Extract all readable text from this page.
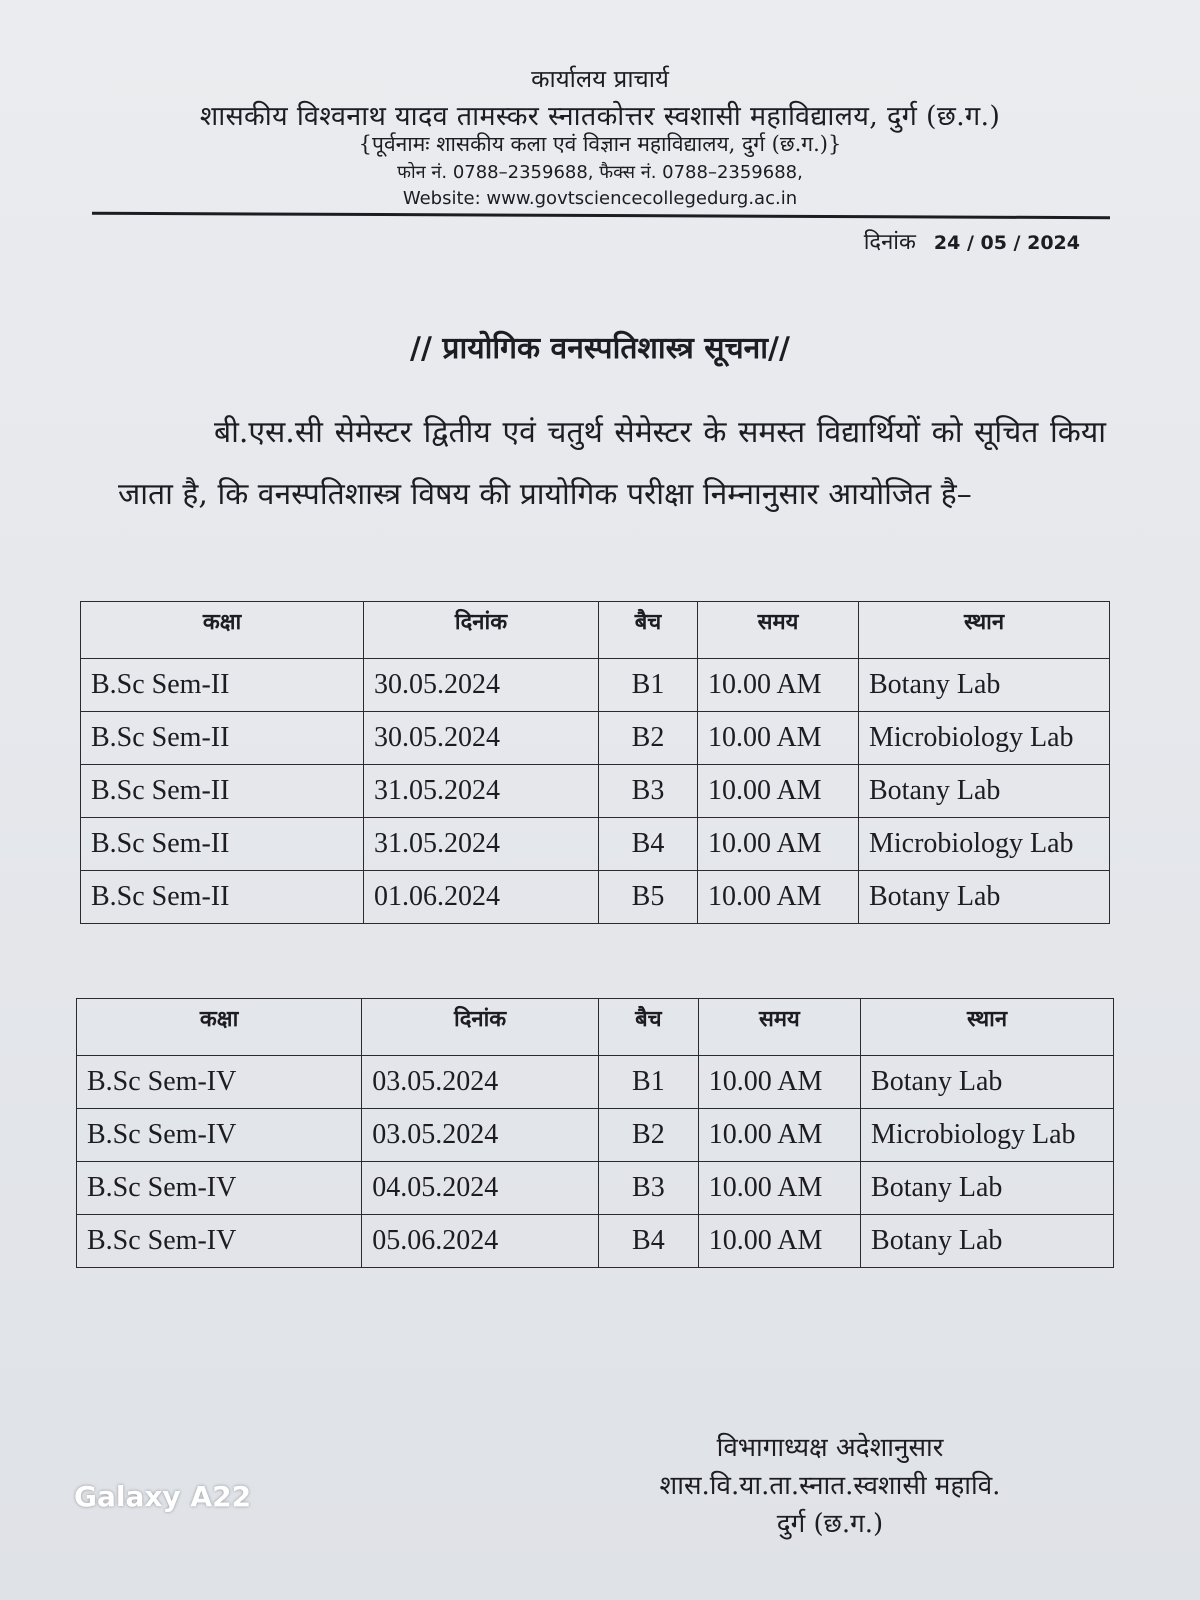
कार्यालय प्राचार्य
शासकीय विश्वनाथ यादव तामस्कर स्नातकोत्तर स्वशासी महाविद्यालय, दुर्ग (छ.ग.)
{पूर्वनामः शासकीय कला एवं विज्ञान महाविद्यालय, दुर्ग (छ.ग.)}
फोन नं. 0788–2359688, फैक्स नं. 0788–2359688,
Website: www.govtsciencecollegedurg.ac.in
दिनांक 24 / 05 / 2024
// प्रायोगिक वनस्पतिशास्त्र सूचना//
बी.एस.सी सेमेस्टर द्वितीय एवं चतुर्थ सेमेस्टर के समस्त विद्यार्थियों को सूचित किया जाता है, कि वनस्पतिशास्त्र विषय की प्रायोगिक परीक्षा निम्नानुसार आयोजित है–
कक्षा	दिनांक	बैच	समय	स्थान
B.Sc Sem-II	30.05.2024	B1	10.00 AM	Botany Lab
B.Sc Sem-II	30.05.2024	B2	10.00 AM	Microbiology Lab
B.Sc Sem-II	31.05.2024	B3	10.00 AM	Botany Lab
B.Sc Sem-II	31.05.2024	B4	10.00 AM	Microbiology Lab
B.Sc Sem-II	01.06.2024	B5	10.00 AM	Botany Lab
कक्षा	दिनांक	बैच	समय	स्थान
B.Sc Sem-IV	03.05.2024	B1	10.00 AM	Botany Lab
B.Sc Sem-IV	03.05.2024	B2	10.00 AM	Microbiology Lab
B.Sc Sem-IV	04.05.2024	B3	10.00 AM	Botany Lab
B.Sc Sem-IV	05.06.2024	B4	10.00 AM	Botany Lab
विभागाध्यक्ष अदेशानुसार
शास.वि.या.ता.स्नात.स्वशासी महावि.
दुर्ग (छ.ग.)
Galaxy A22
